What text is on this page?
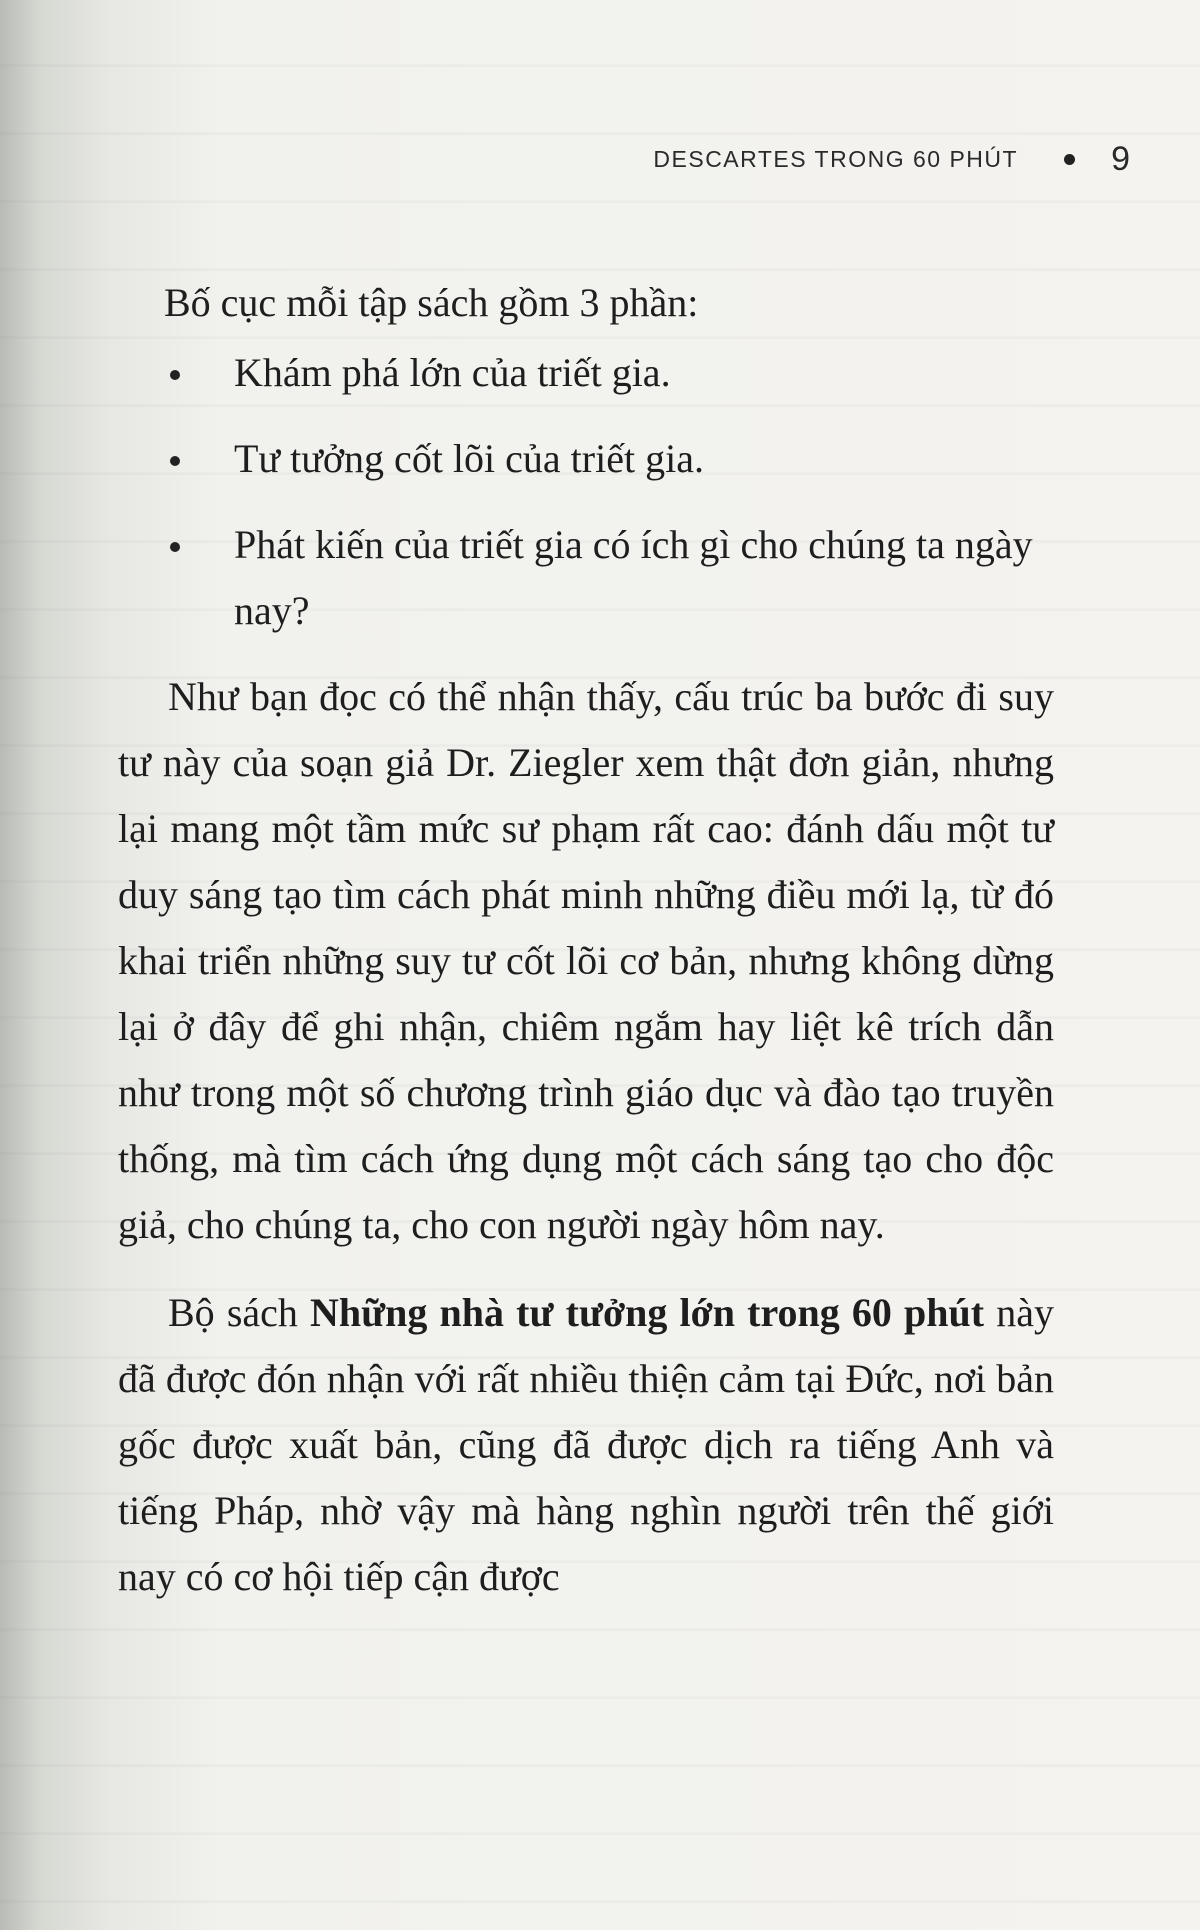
DESCARTES TRONG 60 PHÚT	9

Bố cục mỗi tập sách gồm 3 phần:

Khám phá lớn của triết gia.
Tư tưởng cốt lõi của triết gia.
Phát kiến của triết gia có ích gì cho chúng ta ngày nay?

Như bạn đọc có thể nhận thấy, cấu trúc ba bước đi suy tư này của soạn giả Dr. Ziegler xem thật đơn giản, nhưng lại mang một tầm mức sư phạm rất cao: đánh dấu một tư duy sáng tạo tìm cách phát minh những điều mới lạ, từ đó khai triển những suy tư cốt lõi cơ bản, nhưng không dừng lại ở đây để ghi nhận, chiêm ngắm hay liệt kê trích dẫn như trong một số chương trình giáo dục và đào tạo truyền thống, mà tìm cách ứng dụng một cách sáng tạo cho độc giả, cho chúng ta, cho con người ngày hôm nay.

Bộ sách Những nhà tư tưởng lớn trong 60 phút này đã được đón nhận với rất nhiều thiện cảm tại Đức, nơi bản gốc được xuất bản, cũng đã được dịch ra tiếng Anh và tiếng Pháp, nhờ vậy mà hàng nghìn người trên thế giới nay có cơ hội tiếp cận được
